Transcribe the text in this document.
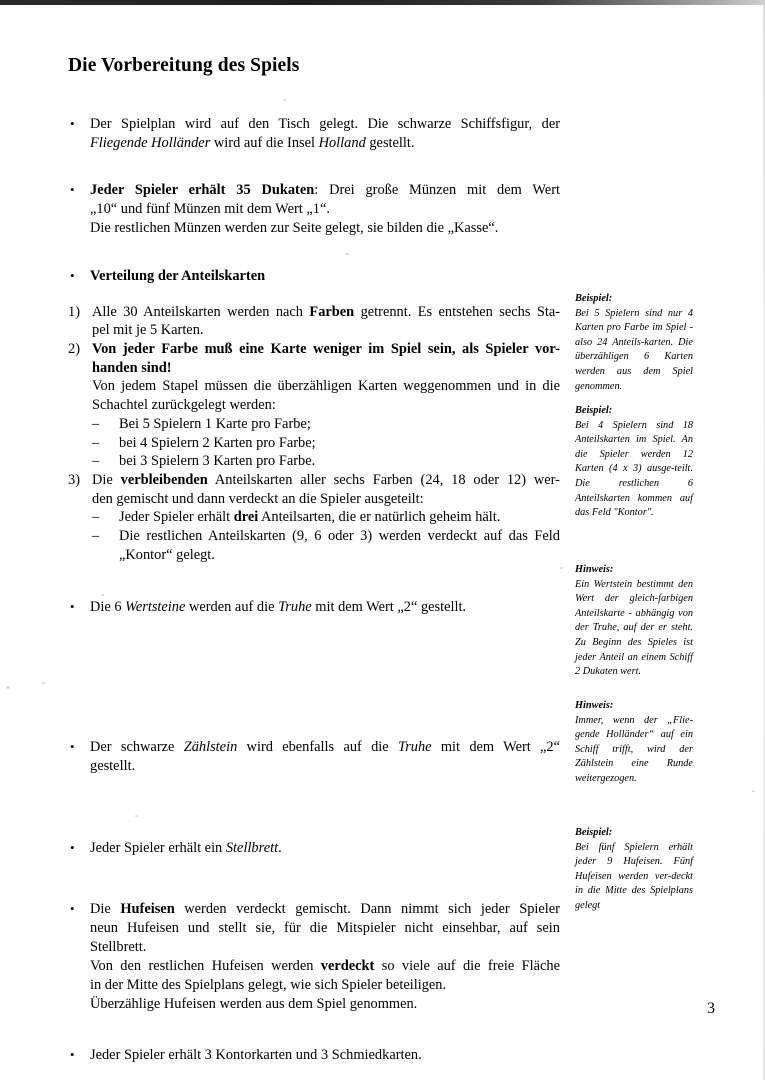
Die Vorbereitung des Spiels
• Der Spielplan wird auf den Tisch gelegt. Die schwarze Schiffsfigur, der

Fliegende Holländer wird auf die Insel Holland gestellt.

• Jeder Spieler erhält 35 Dukaten: Drei große Münzen mit dem Wert

„10“ und fünf Münzen mit dem Wert „1“.

Die restlichen Münzen werden zur Seite gelegt, sie bilden die „Kasse“.

• Verteilung der Anteilskarten

1) Alle 30 Anteilskarten werden nach Farben getrennt. Es entstehen sechs Sta-

pel mit je 5 Karten.

2) Von jeder Farbe muß eine Karte weniger im Spiel sein, als Spieler vor-

handen sind!

Von jedem Stapel müssen die überzähligen Karten weggenommen und in die

Schachtel zurückgelegt werden:

– Bei 5 Spielern 1 Karte pro Farbe;

– bei 4 Spielern 2 Karten pro Farbe;

– bei 3 Spielern 3 Karten pro Farbe.

3) Die verbleibenden Anteilskarten aller sechs Farben (24, 18 oder 12) wer-

den gemischt und dann verdeckt an die Spieler ausgeteilt:

– Jeder Spieler erhält drei Anteilsarten, die er natürlich geheim hält.

– Die restlichen Anteilskarten (9, 6 oder 3) werden verdeckt auf das Feld

„Kontor“ gelegt.

• Die 6 Wertsteine werden auf die Truhe mit dem Wert „2“ gestellt.

• Der schwarze Zählstein wird ebenfalls auf die Truhe mit dem Wert „2“

gestellt.

• Jeder Spieler erhält ein Stellbrett.

• Die Hufeisen werden verdeckt gemischt. Dann nimmt sich jeder Spieler

neun Hufeisen und stellt sie, für die Mitspieler nicht einsehbar, auf sein

Stellbrett.

Von den restlichen Hufeisen werden verdeckt so viele auf die freie Fläche

in der Mitte des Spielplans gelegt, wie sich Spieler beteiligen.

Überzählige Hufeisen werden aus dem Spiel genommen.

• Jeder Spieler erhält 3 Kontorkarten und 3 Schmiedkarten.

Beispiel:
Bei 5 Spielern sind nur 4 Karten pro Farbe im Spiel - also 24 Anteils-karten. Die überzähligen 6 Karten werden aus dem Spiel genommen.
Beispiel:
Bei 4 Spielern sind 18 Anteilskarten im Spiel. An die Spieler werden 12 Karten (4 x 3) ausge-teilt. Die restlichen 6 Anteilskarten kommen auf das Feld "Kontor".
Hinweis:
Ein Wertstein bestimmt den Wert der gleich-farbigen Anteilskarte - abhängig von der Truhe, auf der er steht. Zu Beginn des Spieles ist jeder Anteil an einem Schiff 2 Dukaten wert.
Hinweis:
Immer, wenn der „Flie-gende Holländer“ auf ein Schiff trifft, wird der Zählstein eine Runde weitergezogen.
Beispiel:
Bei fünf Spielern erhält jeder 9 Hufeisen. Fünf Hufeisen werden ver-deckt in die Mitte des Spielplans gelegt
3
